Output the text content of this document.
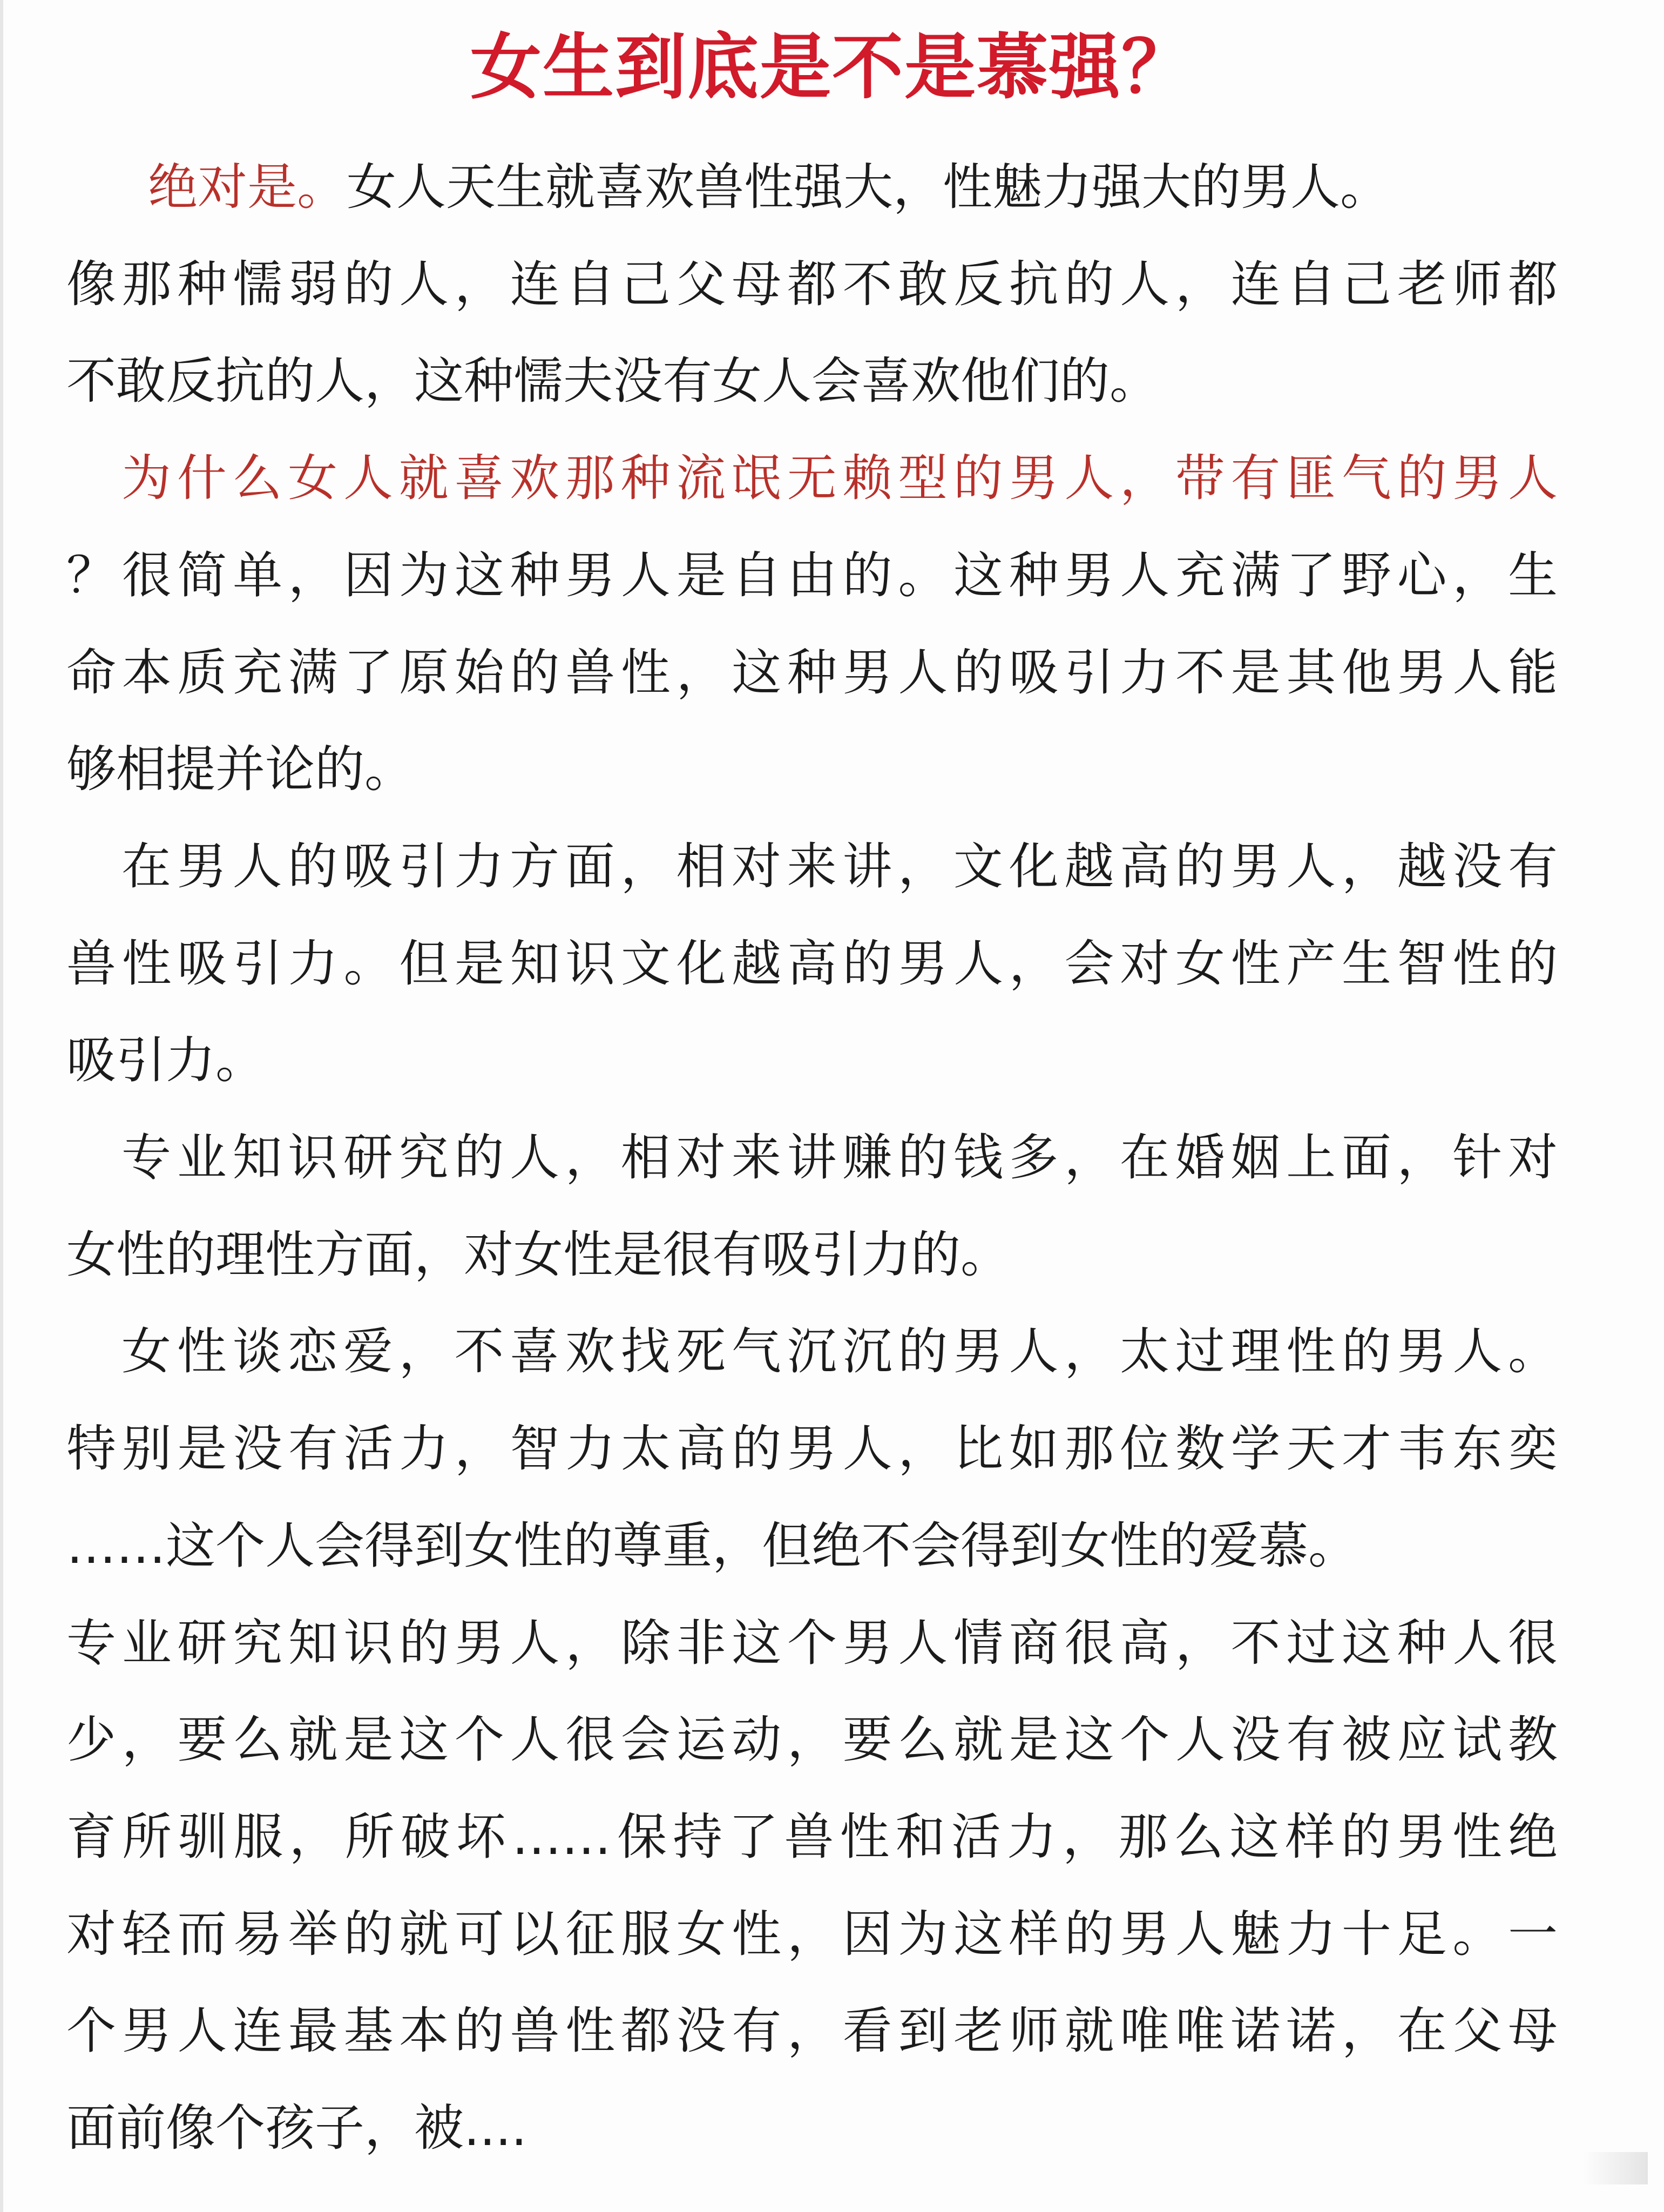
女生到底是不是慕强？
绝对是。女人天生就喜欢兽性强大，性魅力强大的男人。
像那种懦弱的人，连自己父母都不敢反抗的人，连自己老师都
不敢反抗的人，这种懦夫没有女人会喜欢他们的。
为什么女人就喜欢那种流氓无赖型的男人，带有匪气的男人
？很简单，因为这种男人是自由的。这种男人充满了野心，生
命本质充满了原始的兽性，这种男人的吸引力不是其他男人能
够相提并论的。
在男人的吸引力方面，相对来讲，文化越高的男人，越没有
兽性吸引力。但是知识文化越高的男人，会对女性产生智性的
吸引力。
专业知识研究的人，相对来讲赚的钱多，在婚姻上面，针对
女性的理性方面，对女性是很有吸引力的。
女性谈恋爱，不喜欢找死气沉沉的男人，太过理性的男人。
特别是没有活力，智力太高的男人，比如那位数学天才韦东奕
……这个人会得到女性的尊重，但绝不会得到女性的爱慕。
专业研究知识的男人，除非这个男人情商很高，不过这种人很
少，要么就是这个人很会运动，要么就是这个人没有被应试教
育所驯服，所破坏……保持了兽性和活力，那么这样的男性绝
对轻而易举的就可以征服女性，因为这样的男人魅力十足。一
个男人连最基本的兽性都没有，看到老师就唯唯诺诺，在父母
面前像个孩子，被....
